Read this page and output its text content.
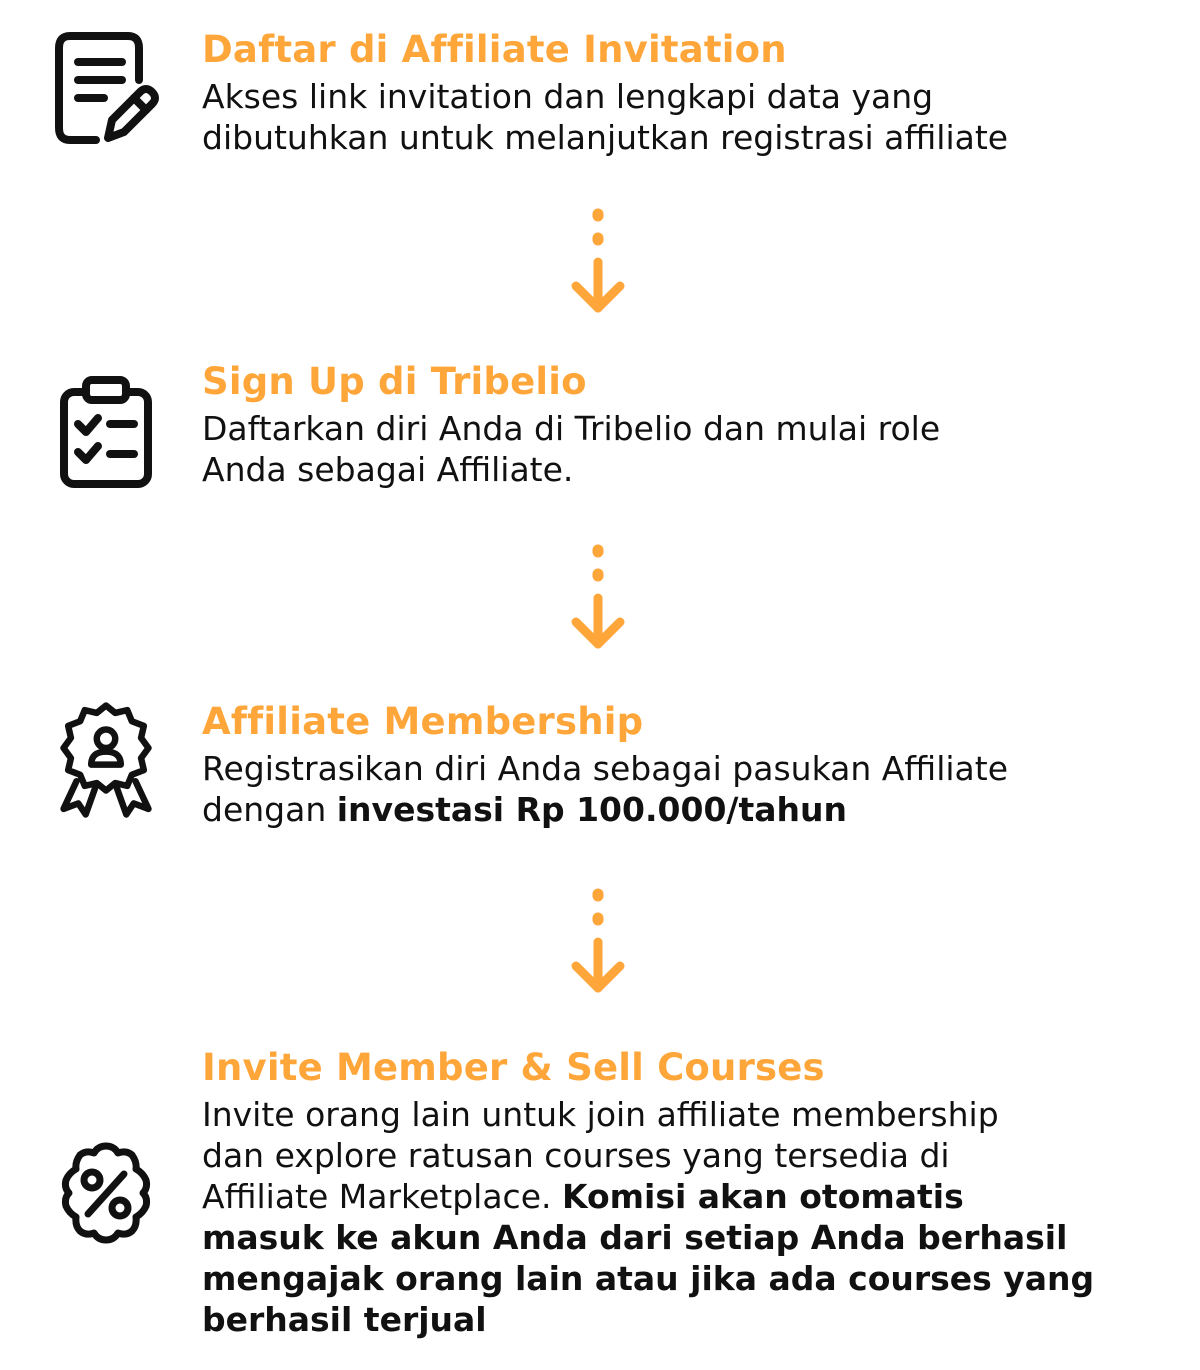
Daftar di Affiliate Invitation
Akses link invitation dan lengkapi data yang
dibutuhkan untuk melanjutkan registrasi affiliate
Sign Up di Tribelio
Daftarkan diri Anda di Tribelio dan mulai role
Anda sebagai Affiliate.
Affiliate Membership
Registrasikan diri Anda sebagai pasukan Affiliate
dengan investasi Rp 100.000/tahun
Invite Member & Sell Courses
Invite orang lain untuk join affiliate membership
dan explore ratusan courses yang tersedia di
Affiliate Marketplace. Komisi akan otomatis
masuk ke akun Anda dari setiap Anda berhasil
mengajak orang lain atau jika ada courses yang
berhasil terjual
